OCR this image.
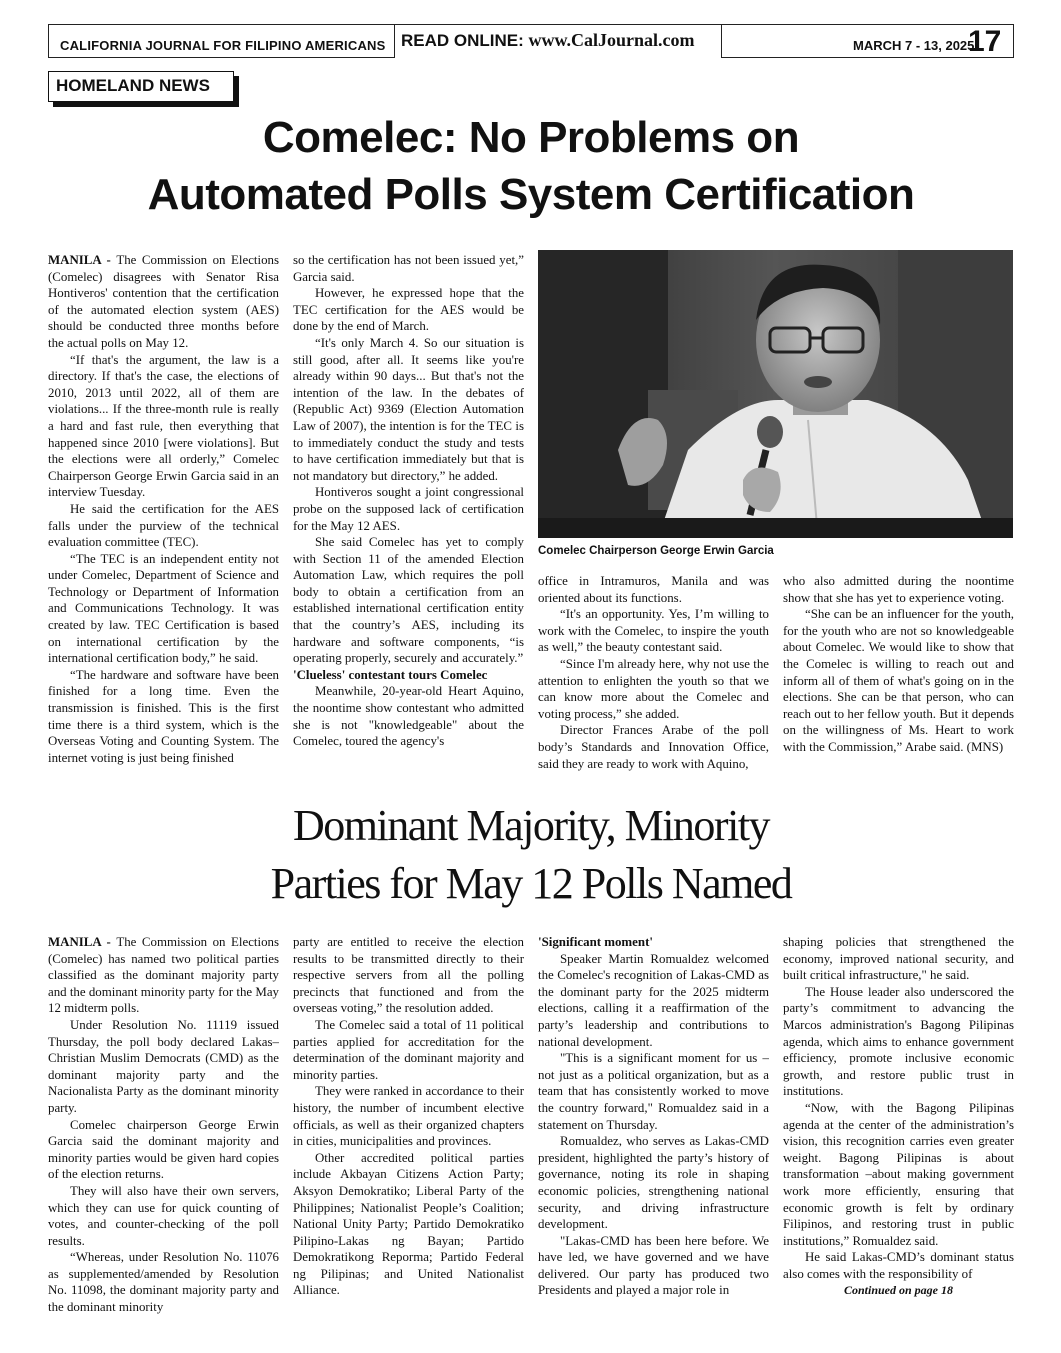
CALIFORNIA JOURNAL FOR FILIPINO AMERICANS READ ONLINE: www.CalJournal.com	MARCH 7 - 13, 2025
17
HOMELAND NEWS
Comelec: No Problems on
Automated Polls System Certification

MANILA - The Commission on Elections (Comelec) disagrees with Senator Risa Hontiveros' contention that the certification of the automated election system (AES) should be conducted three months before the actual polls on May 12.

“If that's the argument, the law is a directory. If that's the case, the elections of 2010, 2013 until 2022, all of them are violations... If the three-month rule is really a hard and fast rule, then everything that happened since 2010 [were violations]. But the elections were all orderly,” Comelec Chairperson George Erwin Garcia said in an interview Tuesday.

He said the certification for the AES falls under the purview of the technical evaluation committee (TEC).

“The TEC is an independent entity not under Comelec, Department of Science and Technology or Department of Information and Communications Technology. It was created by law. TEC Certification is based on international certification by the international certification body,” he said.

“The hardware and software have been finished for a long time. Even the transmission is finished. This is the first time there is a third system, which is the Overseas Voting and Counting System. The internet voting is just being finished

so the certification has not been issued yet,” Garcia said.

However, he expressed hope that the TEC certification for the AES would be done by the end of March.

“It's only March 4. So our situation is still good, after all. It seems like you're already within 90 days... But that's not the intention of the law. In the debates of (Republic Act) 9369 (Election Automation Law of 2007), the intention is for the TEC is to immediately conduct the study and tests to have certification immediately but that is not mandatory but directory,” he added.

Hontiveros sought a joint congressional probe on the supposed lack of certification for the May 12 AES.

She said Comelec has yet to comply with Section 11 of the amended Election Automation Law, which requires the poll body to obtain a certification from an established international certification entity that the country’s AES, including its hardware and software components, “is operating properly, securely and accurately.”

'Clueless' contestant tours Comelec

Meanwhile, 20-year-old Heart Aquino, the noontime show contestant who admitted she is not "knowledgeable" about the Comelec, toured the agency's

office in Intramuros, Manila and was oriented about its functions.

“It's an opportunity. Yes, I’m willing to work with the Comelec, to inspire the youth as well,” the beauty contestant said.

“Since I'm already here, why not use the attention to enlighten the youth so that we can know more about the Comelec and voting process,” she added.

Director Frances Arabe of the poll body’s Standards and Innovation Office, said they are ready to work with Aquino,

who also admitted during the noontime show that she has yet to experience voting.

“She can be an influencer for the youth, for the youth who are not so knowledgeable about Comelec. We would like to show that the Comelec is willing to reach out and inform all of them of what's going on in the elections. She can be that person, who can reach out to her fellow youth. But it depends on the willingness of Ms. Heart to work with the Commission,” Arabe said. (MNS)

Comelec Chairperson George Erwin Garcia
Dominant Majority, Minority
Parties for May 12 Polls Named

MANILA - The Commission on Elections (Comelec) has named two political parties classified as the dominant majority party and the dominant minority party for the May 12 midterm polls.

Under Resolution No. 11119 issued Thursday, the poll body declared Lakas–Christian Muslim Democrats (CMD) as the dominant majority party and the Nacionalista Party as the dominant minority party.

Comelec chairperson George Erwin Garcia said the dominant majority and minority parties would be given hard copies of the election returns.

They will also have their own servers, which they can use for quick counting of votes, and counter-checking of the poll results.

“Whereas, under Resolution No. 11076 as supplemented/amended by Resolution No. 11098, the dominant majority party and the dominant minority

party are entitled to receive the election results to be transmitted directly to their respective servers from all the polling precincts that functioned and from the overseas voting,” the resolution added.

The Comelec said a total of 11 political parties applied for accreditation for the determination of the dominant majority and minority parties.

They were ranked in accordance to their history, the number of incumbent elective officials, as well as their organized chapters in cities, municipalities and provinces.

Other accredited political parties include Akbayan Citizens Action Party; Aksyon Demokratiko; Liberal Party of the Philippines; Nationalist People’s Coalition; National Unity Party; Partido Demokratiko Pilipino-Lakas ng Bayan; Partido Demokratikong Reporma; Partido Federal ng Pilipinas; and United Nationalist Alliance.

'Significant moment'

Speaker Martin Romualdez welcomed the Comelec's recognition of Lakas-CMD as the dominant party for the 2025 midterm elections, calling it a reaffirmation of the party’s leadership and contributions to national development.

"This is a significant moment for us –not just as a political organization, but as a team that has consistently worked to move the country forward," Romualdez said in a statement on Thursday.

Romualdez, who serves as Lakas-CMD president, highlighted the party’s history of governance, noting its role in shaping economic policies, strengthening national security, and driving infrastructure development.

"Lakas-CMD has been here before. We have led, we have governed and we have delivered. Our party has produced two Presidents and played a major role in

shaping policies that strengthened the economy, improved national security, and built critical infrastructure," he said.

The House leader also underscored the party’s commitment to advancing the Marcos administration's Bagong Pilipinas agenda, which aims to enhance government efficiency, promote inclusive economic growth, and restore public trust in institutions.

“Now, with the Bagong Pilipinas agenda at the center of the administration’s vision, this recognition carries even greater weight. Bagong Pilipinas is about transformation –about making government work more efficiently, ensuring that economic growth is felt by ordinary Filipinos, and restoring trust in public institutions,” Romualdez said.

He said Lakas-CMD’s dominant status also comes with the responsibility of

Continued on page 18
